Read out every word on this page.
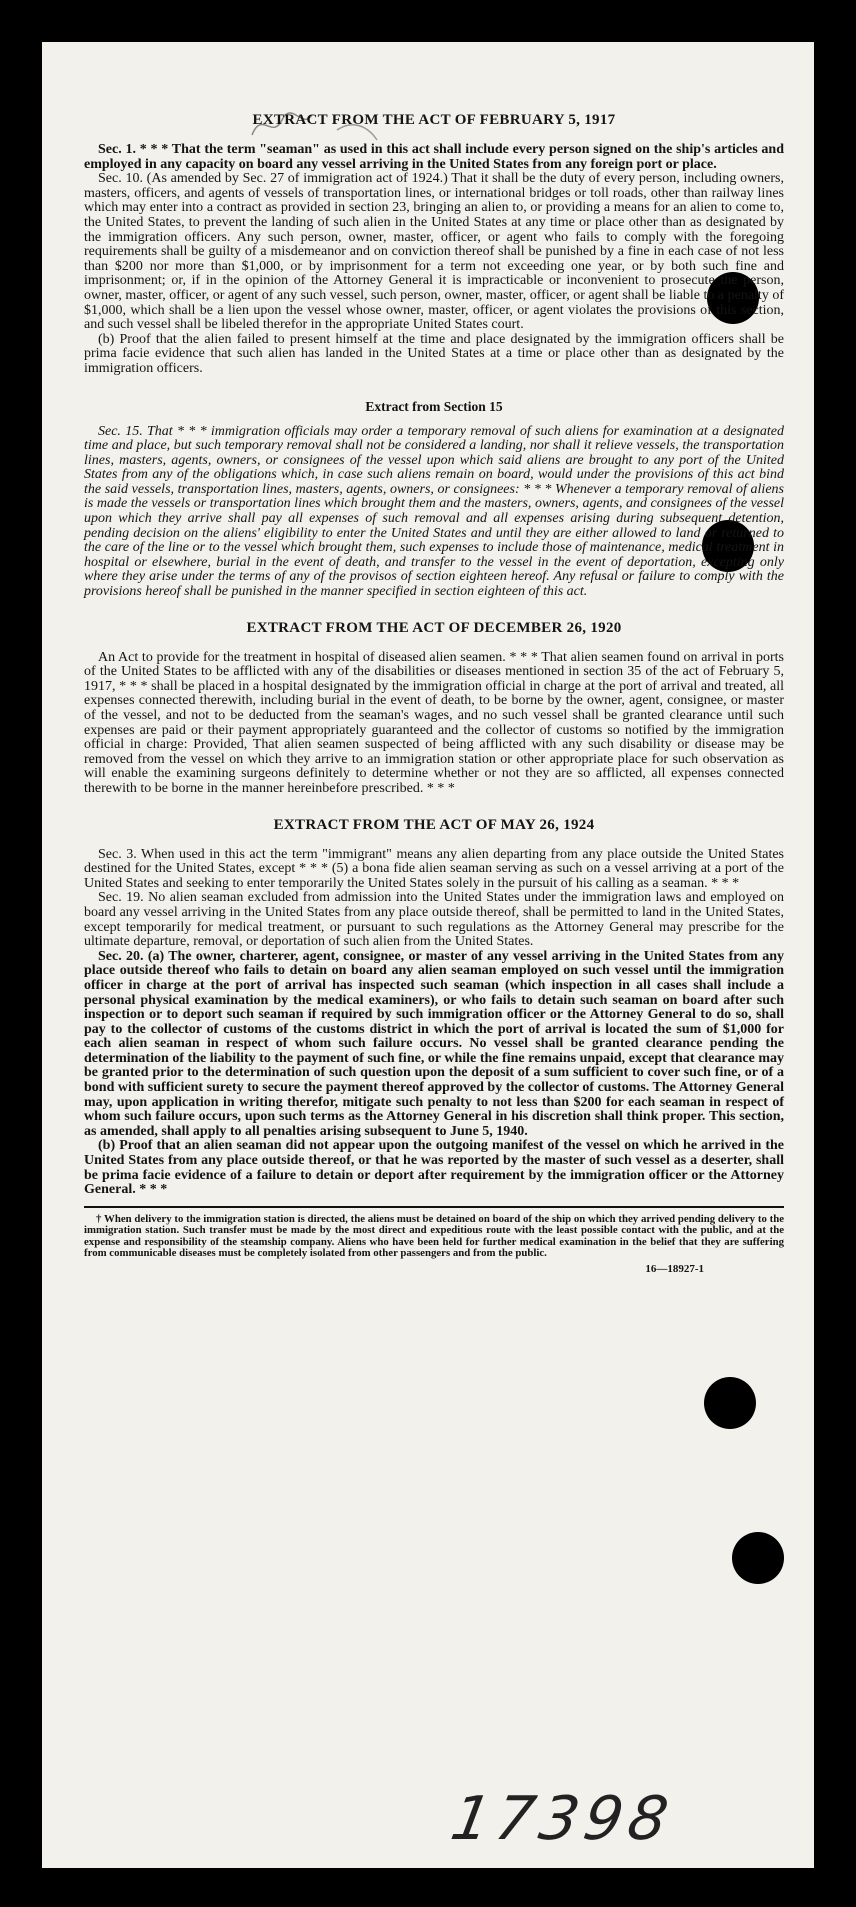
EXTRACT FROM THE ACT OF FEBRUARY 5, 1917

Sec. 1. * * * That the term "seaman" as used in this act shall include every person signed on the ship's articles and employed in any capacity on board any vessel arriving in the United States from any foreign port or place.

Sec. 10. (As amended by Sec. 27 of immigration act of 1924.) That it shall be the duty of every person, including owners, masters, officers, and agents of vessels of transportation lines, or international bridges or toll roads, other than railway lines which may enter into a contract as provided in section 23, bringing an alien to, or providing a means for an alien to come to, the United States, to prevent the landing of such alien in the United States at any time or place other than as designated by the immigration officers. Any such person, owner, master, officer, or agent who fails to comply with the foregoing requirements shall be guilty of a misdemeanor and on conviction thereof shall be punished by a fine in each case of not less than $200 nor more than $1,000, or by imprisonment for a term not exceeding one year, or by both such fine and imprisonment; or, if in the opinion of the Attorney General it is impracticable or inconvenient to prosecute the person, owner, master, officer, or agent of any such vessel, such person, owner, master, officer, or agent shall be liable to a penalty of $1,000, which shall be a lien upon the vessel whose owner, master, officer, or agent violates the provisions of this section, and such vessel shall be libeled therefor in the appropriate United States court.

(b) Proof that the alien failed to present himself at the time and place designated by the immigration officers shall be prima facie evidence that such alien has landed in the United States at a time or place other than as designated by the immigration officers.

Extract from Section 15

Sec. 15. That * * * immigration officials may order a temporary removal of such aliens for examination at a designated time and place, but such temporary removal shall not be considered a landing, nor shall it relieve vessels, the transportation lines, masters, agents, owners, or consignees of the vessel upon which said aliens are brought to any port of the United States from any of the obligations which, in case such aliens remain on board, would under the provisions of this act bind the said vessels, transportation lines, masters, agents, owners, or consignees: * * * Whenever a temporary removal of aliens is made the vessels or transportation lines which brought them and the masters, owners, agents, and consignees of the vessel upon which they arrive shall pay all expenses of such removal and all expenses arising during subsequent detention, pending decision on the aliens' eligibility to enter the United States and until they are either allowed to land or returned to the care of the line or to the vessel which brought them, such expenses to include those of maintenance, medical treatment in hospital or elsewhere, burial in the event of death, and transfer to the vessel in the event of deportation, excepting only where they arise under the terms of any of the provisos of section eighteen hereof. Any refusal or failure to comply with the provisions hereof shall be punished in the manner specified in section eighteen of this act.

EXTRACT FROM THE ACT OF DECEMBER 26, 1920

An Act to provide for the treatment in hospital of diseased alien seamen. * * * That alien seamen found on arrival in ports of the United States to be afflicted with any of the disabilities or diseases mentioned in section 35 of the act of February 5, 1917, * * * shall be placed in a hospital designated by the immigration official in charge at the port of arrival and treated, all expenses connected therewith, including burial in the event of death, to be borne by the owner, agent, consignee, or master of the vessel, and not to be deducted from the seaman's wages, and no such vessel shall be granted clearance until such expenses are paid or their payment appropriately guaranteed and the collector of customs so notified by the immigration official in charge: Provided, That alien seamen suspected of being afflicted with any such disability or disease may be removed from the vessel on which they arrive to an immigration station or other appropriate place for such observation as will enable the examining surgeons definitely to determine whether or not they are so afflicted, all expenses connected therewith to be borne in the manner hereinbefore prescribed. * * *

EXTRACT FROM THE ACT OF MAY 26, 1924

Sec. 3. When used in this act the term "immigrant" means any alien departing from any place outside the United States destined for the United States, except * * * (5) a bona fide alien seaman serving as such on a vessel arriving at a port of the United States and seeking to enter temporarily the United States solely in the pursuit of his calling as a seaman. * * *

Sec. 19. No alien seaman excluded from admission into the United States under the immigration laws and employed on board any vessel arriving in the United States from any place outside thereof, shall be permitted to land in the United States, except temporarily for medical treatment, or pursuant to such regulations as the Attorney General may prescribe for the ultimate departure, removal, or deportation of such alien from the United States.

Sec. 20. (a) The owner, charterer, agent, consignee, or master of any vessel arriving in the United States from any place outside thereof who fails to detain on board any alien seaman employed on such vessel until the immigration officer in charge at the port of arrival has inspected such seaman (which inspection in all cases shall include a personal physical examination by the medical examiners), or who fails to detain such seaman on board after such inspection or to deport such seaman if required by such immigration officer or the Attorney General to do so, shall pay to the collector of customs of the customs district in which the port of arrival is located the sum of $1,000 for each alien seaman in respect of whom such failure occurs. No vessel shall be granted clearance pending the determination of the liability to the payment of such fine, or while the fine remains unpaid, except that clearance may be granted prior to the determination of such question upon the deposit of a sum sufficient to cover such fine, or of a bond with sufficient surety to secure the payment thereof approved by the collector of customs. The Attorney General may, upon application in writing therefor, mitigate such penalty to not less than $200 for each seaman in respect of whom such failure occurs, upon such terms as the Attorney General in his discretion shall think proper. This section, as amended, shall apply to all penalties arising subsequent to June 5, 1940.

(b) Proof that an alien seaman did not appear upon the outgoing manifest of the vessel on which he arrived in the United States from any place outside thereof, or that he was reported by the master of such vessel as a deserter, shall be prima facie evidence of a failure to detain or deport after requirement by the immigration officer or the Attorney General. * * *

† When delivery to the immigration station is directed, the aliens must be detained on board of the ship on which they arrived pending delivery to the immigration station. Such transfer must be made by the most direct and expeditious route with the least possible contact with the public, and at the expense and responsibility of the steamship company. Aliens who have been held for further medical examination in the belief that they are suffering from communicable diseases must be completely isolated from other passengers and from the public.

16—18927-1
17398
